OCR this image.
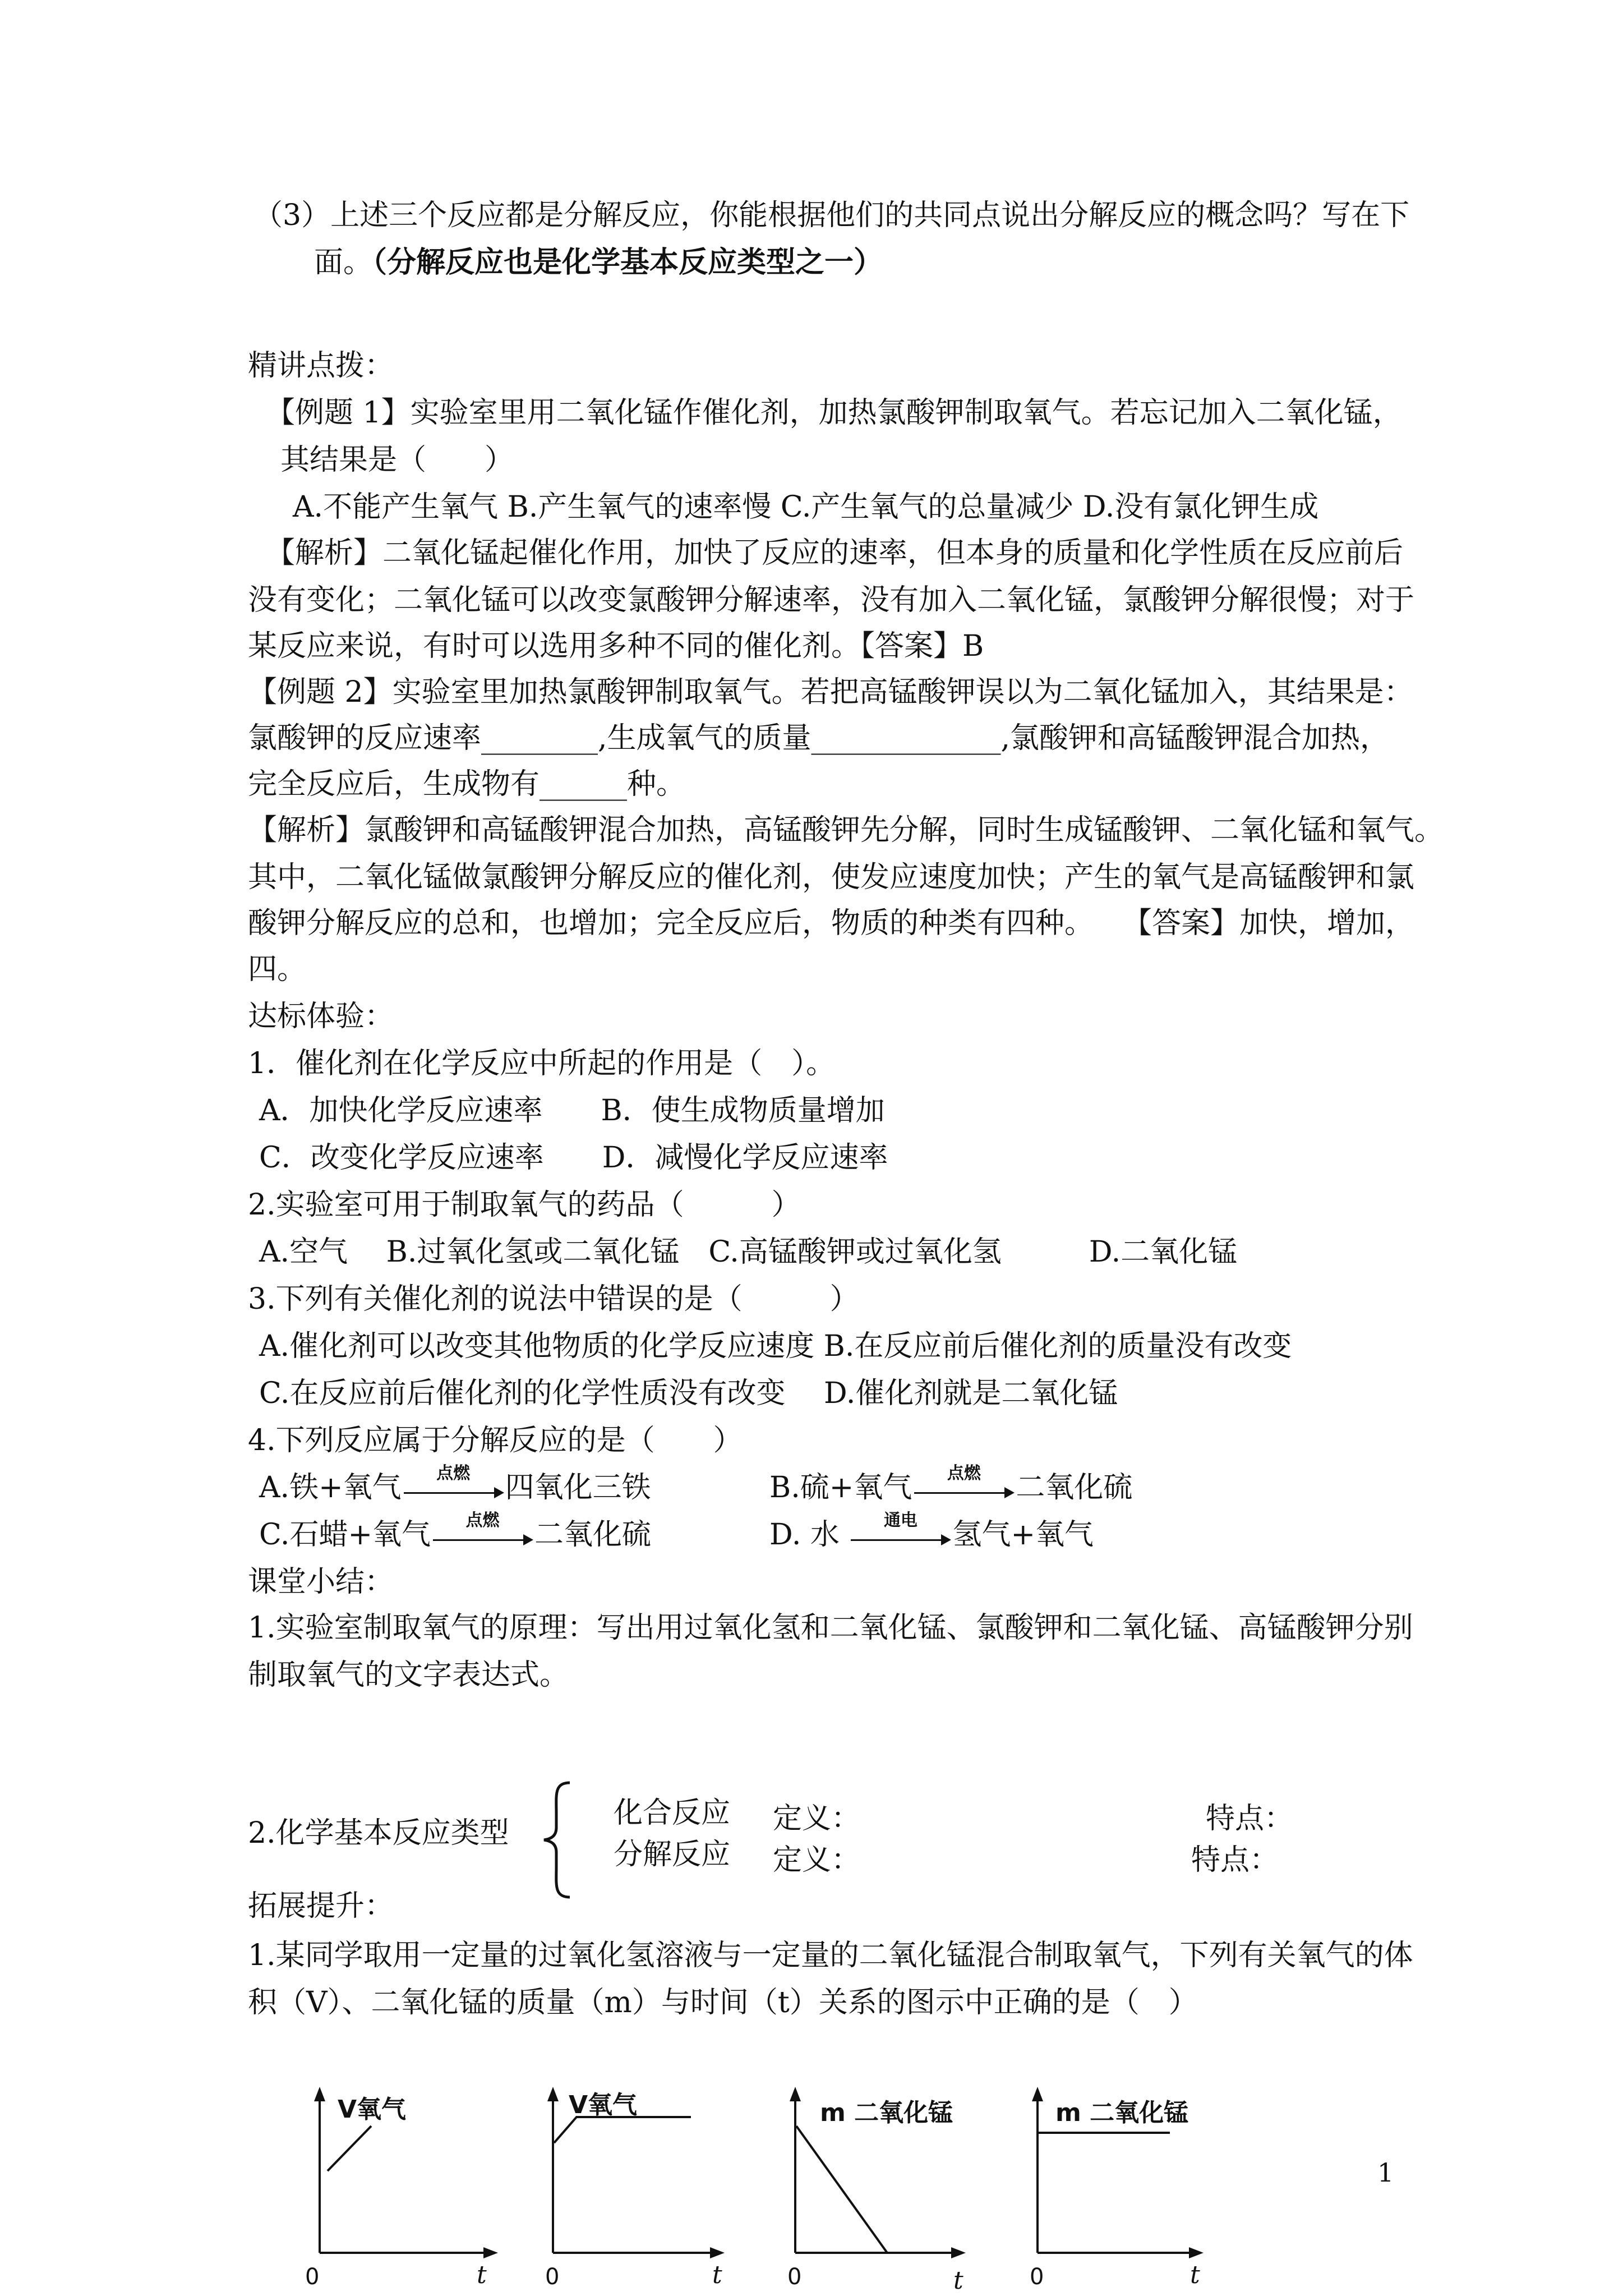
（3）上述三个反应都是分解反应，你能根据他们的共同点说出分解反应的概念吗？写在下

面。（分解反应也是化学基本反应类型之一）

精讲点拨：

【例题 1】实验室里用二氧化锰作催化剂，加热氯酸钾制取氧气。若忘记加入二氧化锰，

其结果是（　　）

A.不能产生氧气 B.产生氧气的速率慢 C.产生氧气的总量减少 D.没有氯化钾生成

【解析】二氧化锰起催化作用，加快了反应的速率，但本身的质量和化学性质在反应前后

没有变化；二氧化锰可以改变氯酸钾分解速率，没有加入二氧化锰，氯酸钾分解很慢；对于

某反应来说，有时可以选用多种不同的催化剂。【答案】B

【例题 2】实验室里加热氯酸钾制取氧气。若把高锰酸钾误以为二氧化锰加入，其结果是：

氯酸钾的反应速率________,生成氧气的质量_____________,氯酸钾和高锰酸钾混合加热，

完全反应后，生成物有______种。

【解析】氯酸钾和高锰酸钾混合加热，高锰酸钾先分解，同时生成锰酸钾、二氧化锰和氧气。

其中，二氧化锰做氯酸钾分解反应的催化剂，使发应速度加快；产生的氧气是高锰酸钾和氯

酸钾分解反应的总和，也增加；完全反应后，物质的种类有四种。　　【答案】加快，增加，

四。

达标体验：

1．催化剂在化学反应中所起的作用是（　）。

A．加快化学反应速率　　B．使生成物质量增加

C．改变化学反应速率　　D．减慢化学反应速率

2.实验室可用于制取氧气的药品（　　　）

A.空气　 B.过氧化氢或二氧化锰　C.高锰酸钾或过氧化氢　　　D.二氧化锰

3.下列有关催化剂的说法中错误的是（　　　）

A.催化剂可以改变其他物质的化学反应速度 B.在反应前后催化剂的质量没有改变

C.在反应前后催化剂的化学性质没有改变　 D.催化剂就是二氧化锰

4.下列反应属于分解反应的是（　　）

A.铁+氧气	点燃	四氧化三铁	B.硫+氧气	点燃	二氧化硫

C.石蜡+氧气	点燃	二氧化硫	D. 水	通电	氢气+氧气

课堂小结：

1.实验室制取氧气的原理：写出用过氧化氢和二氧化锰、氯酸钾和二氧化锰、高锰酸钾分别

制取氧气的文字表达式。

2.化学基本反应类型

化合反应 定义：	特点：

分解反应 定义：	特点：

拓展提升：

1.某同学取用一定量的过氧化氢溶液与一定量的二氧化锰混合制取氧气，下列有关氧气的体

积（V）、二氧化锰的质量（m）与时间（t）关系的图示中正确的是（　）

V氧气
0	t
V氧气
0	t
m 二氧化锰
0	t
m 二氧化锰
0	t
1
